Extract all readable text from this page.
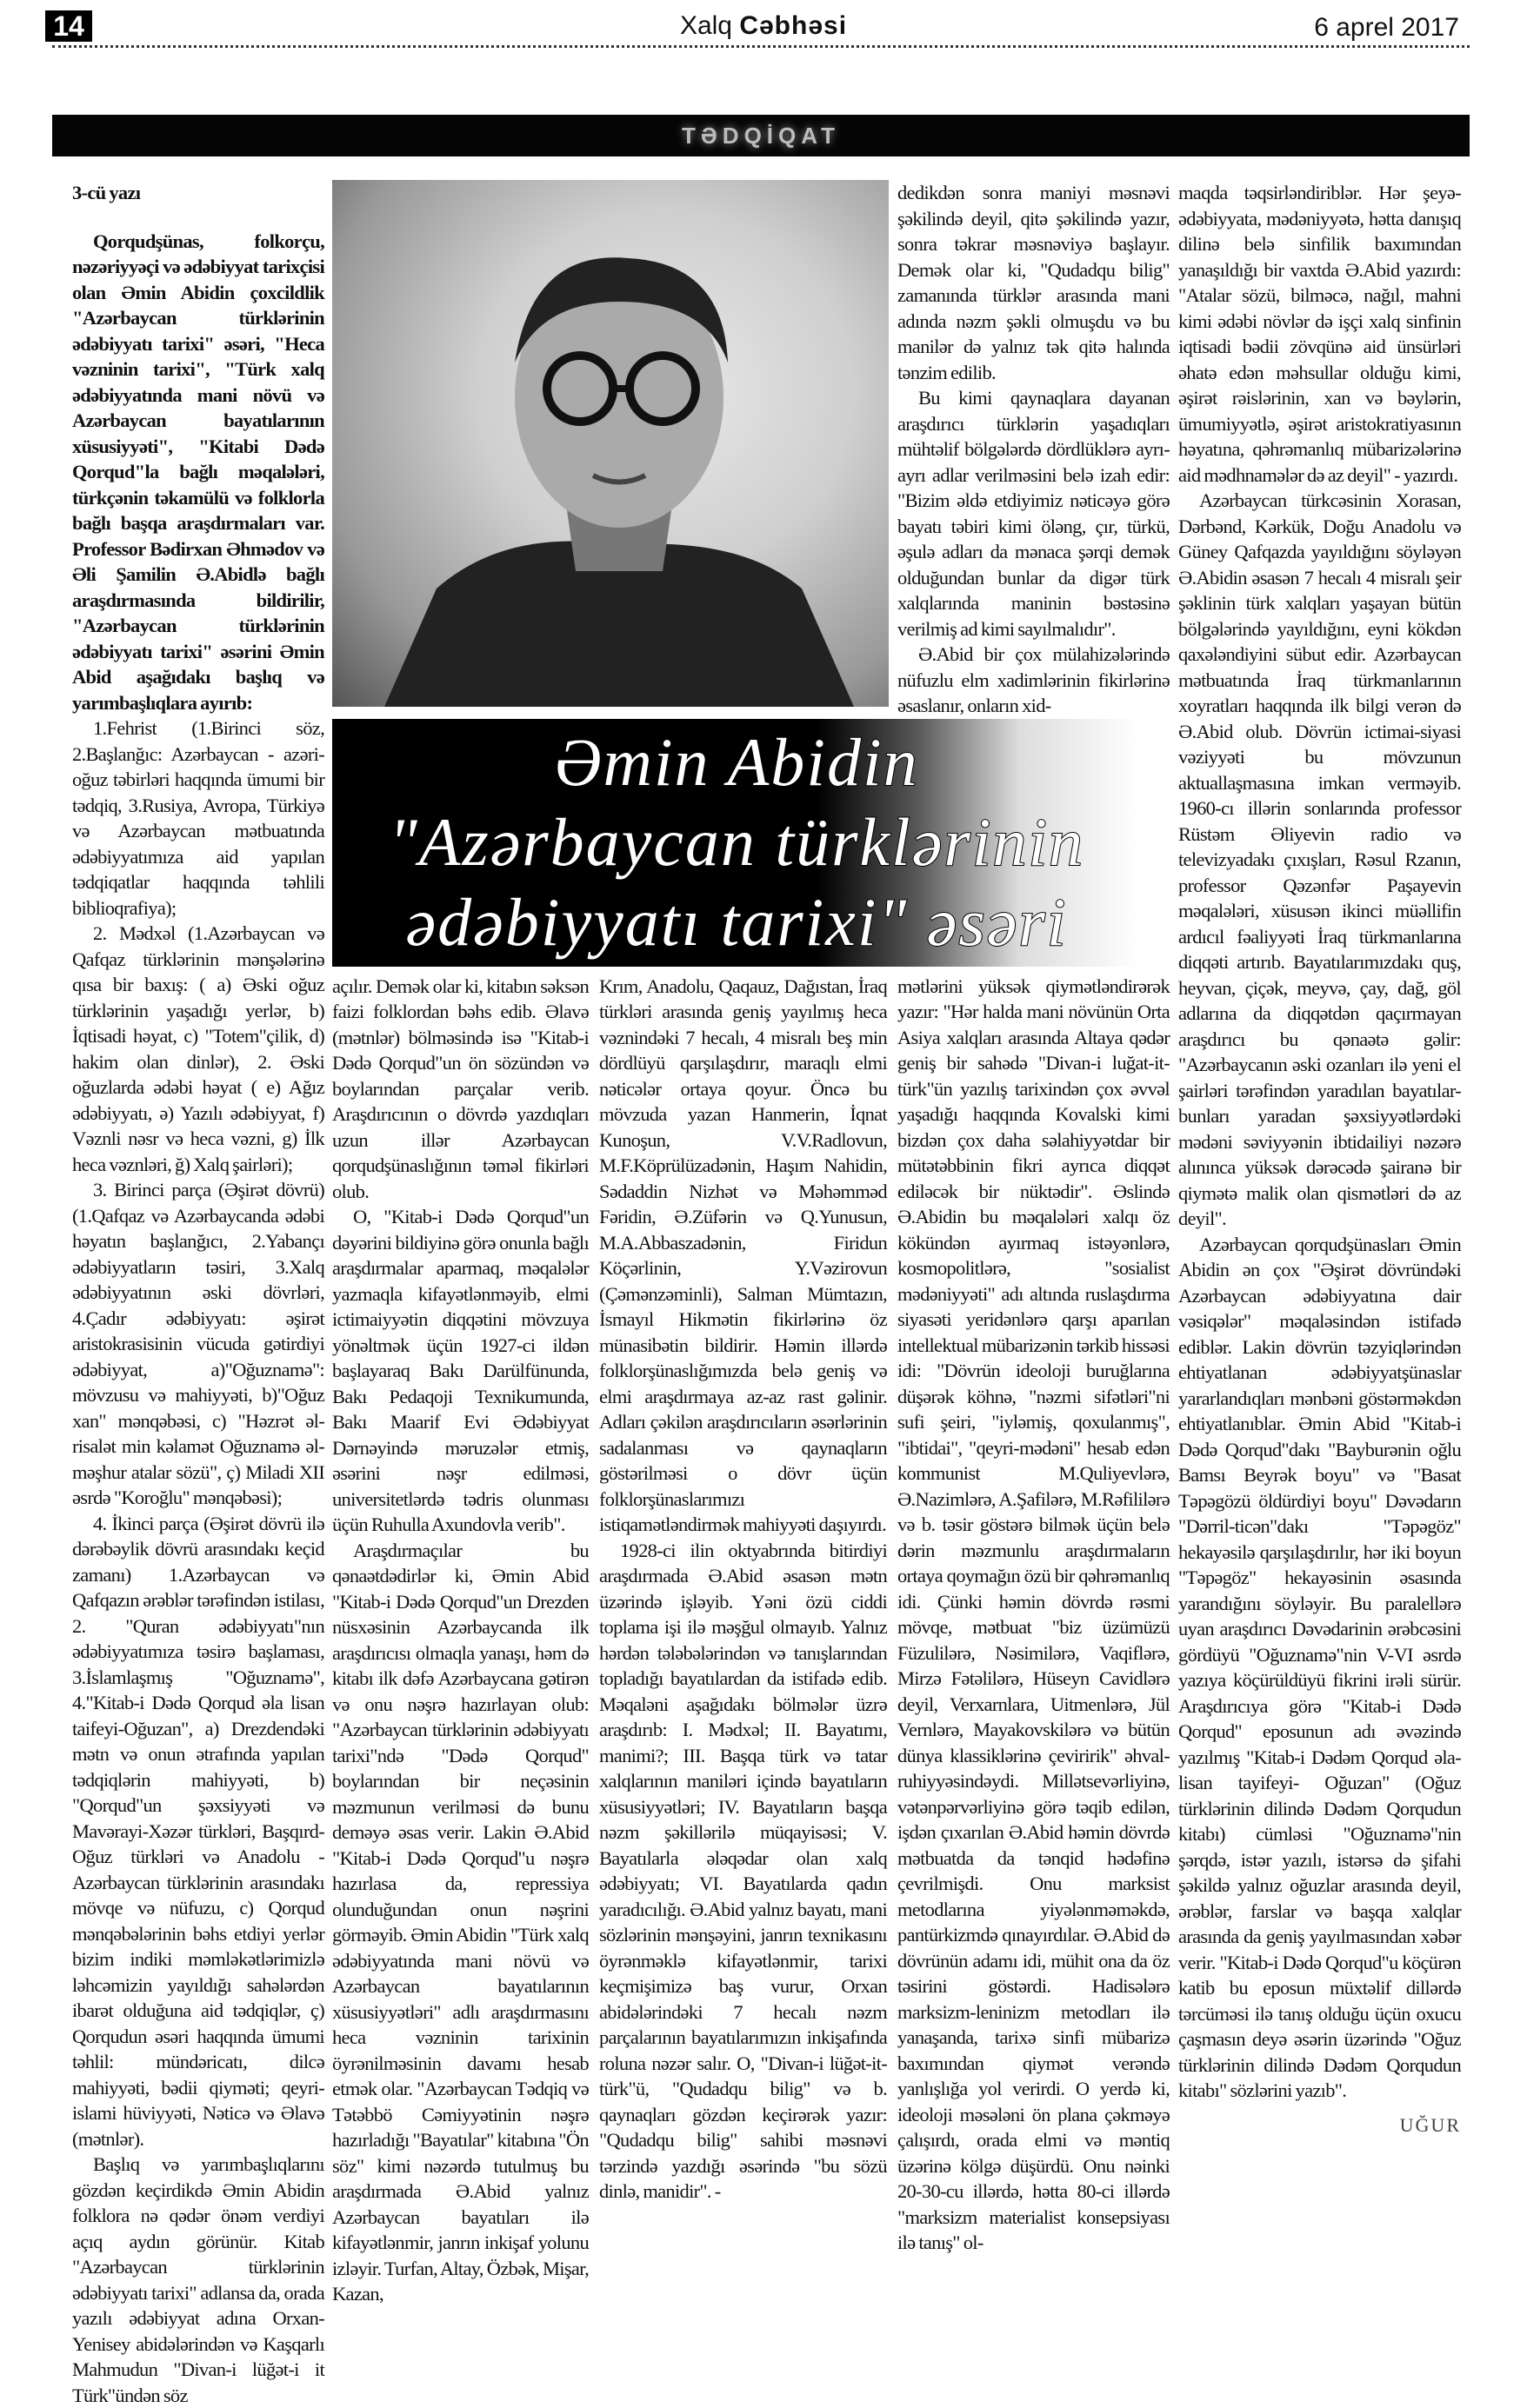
14	Xalq Cəbhəsi	6 aprel 2017
TƏDQİQAT

3-cü yazı

Qorqudşünas, folkorçu, nəzəriyyəçi və ədəbiyyat tarixçisi olan Əmin Abidin çoxcildlik "Azərbaycan türklərinin ədəbiyyatı tarixi" əsəri, "Heca vəzninin tarixi", "Türk xalq ədəbiyyatında mani növü və Azərbaycan bayatılarının xüsusiyyəti", "Kitabi Dədə Qorqud"la bağlı məqalələri, türkçənin təkamülü və folklorla bağlı başqa araşdırmaları var. Professor Bədirxan Əhmədov və Əli Şamilin Ə.Abidlə bağlı araşdırmasında bildirilir, "Azərbaycan türklərinin ədəbiyyatı tarixi" əsərini Əmin Abid aşağıdakı başlıq və yarımbaşlıqlara ayırıb:

1.Fehrist (1.Birinci söz, 2.Başlanğıc: Azərbaycan - azəri-oğuz təbirləri haqqında ümumi bir tədqiq, 3.Rusiya, Avropa, Türkiyə və Azərbaycan mətbuatında ədəbiyyatımıza aid yapılan tədqiqatlar haqqında təhlili biblioqrafiya);

2. Mədxəl (1.Azərbaycan və Qafqaz türklərinin mənşələrinə qısa bir baxış: ( a) Əski oğuz türklərinin yaşadığı yerlər, b) İqtisadi həyat, c) "Totem"çilik, d) hakim olan dinlər), 2. Əski oğuzlarda ədəbi həyat ( e) Ağız ədəbiyyatı, ə) Yazılı ədəbiyyat, f) Vəznli nəsr və heca vəzni, g) İlk heca vəznləri, ğ) Xalq şairləri);

3. Birinci parça (Əşirət dövrü) (1.Qafqaz və Azərbaycanda ədəbi həyatın başlanğıcı, 2.Yabançı ədəbiyyatların təsiri, 3.Xalq ədəbiyyatının əski dövrləri, 4.Çadır ədəbiyyatı: əşirət aristokrasisinin vücuda gətirdiyi ədəbiyyat, a)"Oğuznamə": mövzusu və mahiyyəti, b)"Oğuz xan" mənqəbəsi, c) "Həzrət əl-risalət min kəlamət Oğuznamə əl-məşhur atalar sözü", ç) Miladi XII əsrdə "Koroğlu" mənqəbəsi);

4. İkinci parça (Əşirət dövrü ilə dərəbəylik dövrü arasındakı keçid zamanı) 1.Azərbaycan və Qafqazın ərəblər tərəfindən istilası, 2. "Quran ədəbiyyatı"nın ədəbiyyatımıza təsirə başlaması, 3.İslamlaşmış "Oğuznamə", 4."Kitab-i Dədə Qorqud əla lisan taifeyi-Oğuzan", a) Drezdendəki mətn və onun ətrafında yapılan tədqiqlərin mahiyyəti, b) "Qorqud"un şəxsiyyəti və Mavərayi-Xəzər türkləri, Başqırd-Oğuz türkləri və Anadolu - Azərbaycan türklərinin arasındakı mövqe və nüfuzu, c) Qorqud mənqəbələrinin bəhs etdiyi yerlər bizim indiki məmləkətlərimizlə ləhcəmizin yayıldığı sahələrdən ibarət olduğuna aid tədqiqlər, ç) Qorqudun əsəri haqqında ümumi təhlil: mündəricatı, dilcə mahiyyəti, bədii qiyməti; qeyri-islami hüviyyəti, Nəticə və Əlavə (mətnlər).

Başlıq və yarımbaşlıqlarını gözdən keçirdikdə Əmin Abidin folklora nə qədər önəm verdiyi açıq aydın görünür. Kitab "Azərbaycan türklərinin ədəbiyyatı tarixi" adlansa da, orada yazılı ədəbiyyat adına Orxan-Yenisey abidələrindən və Kaşqarlı Mahmudun "Divan-i lüğət-i it Türk"ündən söz

dedikdən sonra maniyi məsnəvi şəkilində deyil, qitə şəkilində yazır, sonra təkrar məsnəviyə başlayır. Demək olar ki, "Qudadqu bilig" zamanında türklər arasında mani adında nəzm şəkli olmuşdu və bu manilər də yalnız tək qitə halında tənzim edilib.

Bu kimi qaynaqlara dayanan araşdırıcı türklərin yaşadıqları mühtəlif bölgələrdə dördlüklərə ayrı-ayrı adlar verilməsini belə izah edir: "Bizim əldə etdiyimiz nəticəyə görə bayatı təbiri kimi öləng, çır, türkü, əşulə adları da mənaca şərqi demək olduğundan bunlar da digər türk xalqlarında maninin bəstəsinə verilmiş ad kimi sayılmalıdır".

Ə.Abid bir çox mülahizələrində nüfuzlu elm xadimlərinin fikirlərinə əsaslanır, onların xid-

Əmin Abidin
"Azərbaycan türklərinin
ədəbiyyatı tarixi" əsəri

açılır. Demək olar ki, kitabın səksən faizi folklordan bəhs edib. Əlavə (mətnlər) bölməsində isə "Kitab-i Dədə Qorqud"un ön sözündən və boylarından parçalar verib. Araşdırıcının o dövrdə yazdıqları uzun illər Azərbaycan qorqudşünaslığının təməl fikirləri olub.

O, "Kitab-i Dədə Qorqud"un dəyərini bildiyinə görə onunla bağlı araşdırmalar aparmaq, məqalələr yazmaqla kifayətlənməyib, elmi ictimaiyyətin diqqətini mövzuya yönəltmək üçün 1927-ci ildən başlayaraq Bakı Darülfünunda, Bakı Pedaqoji Texnikumunda, Bakı Maarif Evi Ədəbiyyat Dərnəyində məruzələr etmiş, əsərini nəşr edilməsi, universitetlərdə tədris olunması üçün Ruhulla Axundovla verib".

Araşdırmaçılar bu qənaətdədirlər ki, Əmin Abid "Kitab-i Dədə Qorqud"un Drezden nüsxəsinin Azərbaycanda ilk araşdırıcısı olmaqla yanaşı, həm də kitabı ilk dəfə Azərbaycana gətirən və onu nəşrə hazırlayan olub: "Azərbaycan türklərinin ədəbiyyatı tarixi"ndə "Dədə Qorqud" boylarından bir neçəsinin məzmunun verilməsi də bunu deməyə əsas verir. Lakin Ə.Abid "Kitab-i Dədə Qorqud"u nəşrə hazırlasa da, repressiya olunduğundan onun nəşrini görməyib. Əmin Abidin "Türk xalq ədəbiyyatında mani növü və Azərbaycan bayatılarının xüsusiyyətləri" adlı araşdırmasını heca vəzninin tarixinin öyrənilməsinin davamı hesab etmək olar. "Azərbaycan Tədqiq və Tətəbbö Cəmiyyətinin nəşrə hazırladığı "Bayatılar" kitabına "Ön söz" kimi nəzərdə tutulmuş bu araşdırmada Ə.Abid yalnız Azərbaycan bayatıları ilə kifayətlənmir, janrın inkişaf yolunu izləyir. Turfan, Altay, Özbək, Mişar, Kazan,

Krım, Anadolu, Qaqauz, Dağıstan, İraq türkləri arasında geniş yayılmış heca vəznindəki 7 hecalı, 4 misralı beş min dördlüyü qarşılaşdırır, maraqlı elmi nəticələr ortaya qoyur. Öncə bu mövzuda yazan Hanmerin, İqnat Kunoşun, V.V.Radlovun, M.F.Köprülüzadənin, Haşım Nahidin, Sədaddin Nizhət və Məhəmməd Fəridin, Ə.Züfərin və Q.Yunusun, M.A.Abbaszadənin, Firidun Köçərlinin, Y.Vəzirovun (Çəmənzəminli), Salman Mümtazın, İsmayıl Hikmətin fikirlərinə öz münasibətin bildirir. Həmin illərdə folklorşünaslığımızda belə geniş və elmi araşdırmaya az-az rast gəlinir. Adları çəkilən araşdırıcıların əsərlərinin sadalanması və qaynaqların göstərilməsi o dövr üçün folklorşünaslarımızı istiqamətləndirmək mahiyyəti daşıyırdı.

1928-ci ilin oktyabrında bitirdiyi araşdırmada Ə.Abid əsasən mətn üzərində işləyib. Yəni özü ciddi toplama işi ilə məşğul olmayıb. Yalnız hərdən tələbələrindən və tanışlarından topladığı bayatılardan da istifadə edib. Məqaləni aşağıdakı bölmələr üzrə araşdırıb: I. Mədxəl; II. Bayatımı, manimi?; III. Başqa türk və tatar xalqlarının maniləri içində bayatıların xüsusiyyətləri; IV. Bayatıların başqa nəzm şəkillərilə müqayisəsi; V. Bayatılarla ələqədar olan xalq ədəbiyyatı; VI. Bayatılarda qadın yaradıcılığı. Ə.Abid yalnız bayatı, mani sözlərinin mənşəyini, janrın texnikasını öyrənməklə kifayətlənmir, tarixi keçmişimizə baş vurur, Orxan abidələrindəki 7 hecalı nəzm parçalarının bayatılarımızın inkişafında roluna nəzər salır. O, "Divan-i lüğət-it-türk"ü, "Qudadqu bilig" və b. qaynaqları gözdən keçirərək yazır: "Qudadqu bilig" sahibi məsnəvi tərzində yazdığı əsərində "bu sözü dinlə, manidir". -

mətlərini yüksək qiymətləndirərək yazır: "Hər halda mani növünün Orta Asiya xalqları arasında Altaya qədər geniş bir sahədə "Divan-i luğat-it-türk"ün yazılış tarixindən çox əvvəl yaşadığı haqqında Kovalski kimi bizdən çox daha səlahiyyətdar bir mütətəbbinin fikri ayrıca diqqət ediləcək bir nüktədir". Əslində Ə.Abidin bu məqalələri xalqı öz kökündən ayırmaq istəyənlərə, kosmopolitlərə, "sosialist mədəniyyəti" adı altında ruslaşdırma siyasəti yeridənlərə qarşı aparılan intellektual mübarizənin tərkib hissəsi idi: "Dövrün ideoloji buruğlarına düşərək köhnə, "nəzmi sifətləri"ni sufi şeiri, "iyləmiş, qoxulanmış", "ibtidai", "qeyri-mədəni" hesab edən kommunist M.Quliyevlərə, Ə.Nazimlərə, A.Şafilərə, M.Rəfililərə və b. təsir göstərə bilmək üçün belə dərin məzmunlu araşdırmaların ortaya qoymağın özü bir qəhrəmanlıq idi. Çünki həmin dövrdə rəsmi mövqe, mətbuat "biz üzümüzü Füzulilərə, Nəsimilərə, Vaqiflərə, Mirzə Fətəlilərə, Hüseyn Cavidlərə deyil, Verxarnlara, Uitmenlərə, Jül Vernlərə, Mayakovskilərə və bütün dünya klassiklərinə çeviririk" əhval-ruhiyyəsindəydi. Millətsevərliyinə, vətənpərvərliyinə görə təqib edilən, işdən çıxarılan Ə.Abid həmin dövrdə mətbuatda da tənqid hədəfinə çevrilmişdi. Onu marksist metodlarına yiyələnməməkdə, pantürkizmdə qınayırdılar. Ə.Abid də dövrünün adamı idi, mühit ona da öz təsirini göstərdi. Hadisələrə marksizm-leninizm metodları ilə yanaşanda, tarixə sinfi mübarizə baxımından qiymət verəndə yanlışlığa yol verirdi. O yerdə ki, ideoloji məsələni ön plana çəkməyə çalışırdı, orada elmi və məntiq üzərinə kölgə düşürdü. Onu nəinki 20-30-cu illərdə, hətta 80-ci illərdə "marksizm materialist konsepsiyası ilə tanış" ol-

maqda təqsirləndiriblər. Hər şeyə-ədəbiyyata, mədəniyyətə, hətta danışıq dilinə belə sinfilik baxımından yanaşıldığı bir vaxtda Ə.Abid yazırdı: "Atalar sözü, bilməcə, nağıl, mahni kimi ədəbi növlər də işçi xalq sinfinin iqtisadi bədii zövqünə aid ünsürləri əhatə edən məhsullar olduğu kimi, əşirət rəislərinin, xan və bəylərin, ümumiyyətlə, əşirət aristokratiyasının həyatına, qəhrəmanlıq mübarizələrinə aid mədhnamələr də az deyil" - yazırdı.

Azərbaycan türkcəsinin Xorasan, Dərbənd, Kərkük, Doğu Anadolu və Güney Qafqazda yayıldığını söyləyən Ə.Abidin əsasən 7 hecalı 4 misralı şeir şəklinin türk xalqları yaşayan bütün bölgələrində yayıldığını, eyni kökdən qaxələndiyini sübut edir. Azərbaycan mətbuatında İraq türkmanlarının xoyratları haqqında ilk bilgi verən də Ə.Abid olub. Dövrün ictimai-siyasi vəziyyəti bu mövzunun aktuallaşmasına imkan verməyib. 1960-cı illərin sonlarında professor Rüstəm Əliyevin radio və televizyadakı çıxışları, Rəsul Rzanın, professor Qəzənfər Paşayevin məqalələri, xüsusən ikinci müəllifin ardıcıl fəaliyyəti İraq türkmanlarına diqqəti artırıb. Bayatılarımızdakı quş, heyvan, çiçək, meyvə, çay, dağ, göl adlarına da diqqətdən qaçırmayan araşdırıcı bu qənaətə gəlir: "Azərbaycanın əski ozanları ilə yeni el şairləri tərəfindən yaradılan bayatılar-bunları yaradan şəxsiyyətlərdəki mədəni səviyyənin ibtidailiyi nəzərə alınınca yüksək dərəcədə şairanə bir qiymətə malik olan qismətləri də az deyil".

Azərbaycan qorqudşünasları Əmin Abidin ən çox "Əşirət dövründəki Azərbaycan ədəbiyyatına dair vəsiqələr" məqaləsindən istifadə ediblər. Lakin dövrün təzyiqlərindən ehtiyatlanan ədəbiyyatşünaslar yararlandıqları mənbəni göstərməkdən ehtiyatlanıblar. Əmin Abid "Kitab-i Dədə Qorqud"dakı "Bayburənin oğlu Bamsı Beyrək boyu" və "Basat Təpəgözü öldürdiyi boyu" Dəvədarın "Dərril-ticən"dakı "Təpəgöz" hekayəsilə qarşılaşdırılır, hər iki boyun "Təpəgöz" hekayəsinin əsasında yarandığını söyləyir. Bu paralellərə uyan araşdırıcı Dəvədarinin ərəbcəsini gördüyü "Oğuznamə"nin V-VI əsrdə yazıya köçürüldüyü fikrini irəli sürür. Araşdırıcıya görə "Kitab-i Dədə Qorqud" eposunun adı əvəzində yazılmış "Kitab-i Dədəm Qorqud əla-lisan tayifeyi- Oğuzan" (Oğuz türklərinin dilində Dədəm Qorqudun kitabı) cümləsi "Oğuznamə"nin şərqdə, istər yazılı, istərsə də şifahi şəkildə yalnız oğuzlar arasında deyil, ərəblər, farslar və başqa xalqlar arasında da geniş yayılmasından xəbər verir. "Kitab-i Dədə Qorqud"u köçürən katib bu eposun müxtəlif dillərdə tərcüməsi ilə tanış olduğu üçün oxucu çaşmasın deyə əsərin üzərində "Oğuz türklərinin dilində Dədəm Qorqudun kitabı" sözlərini yazıb".

UĞUR
